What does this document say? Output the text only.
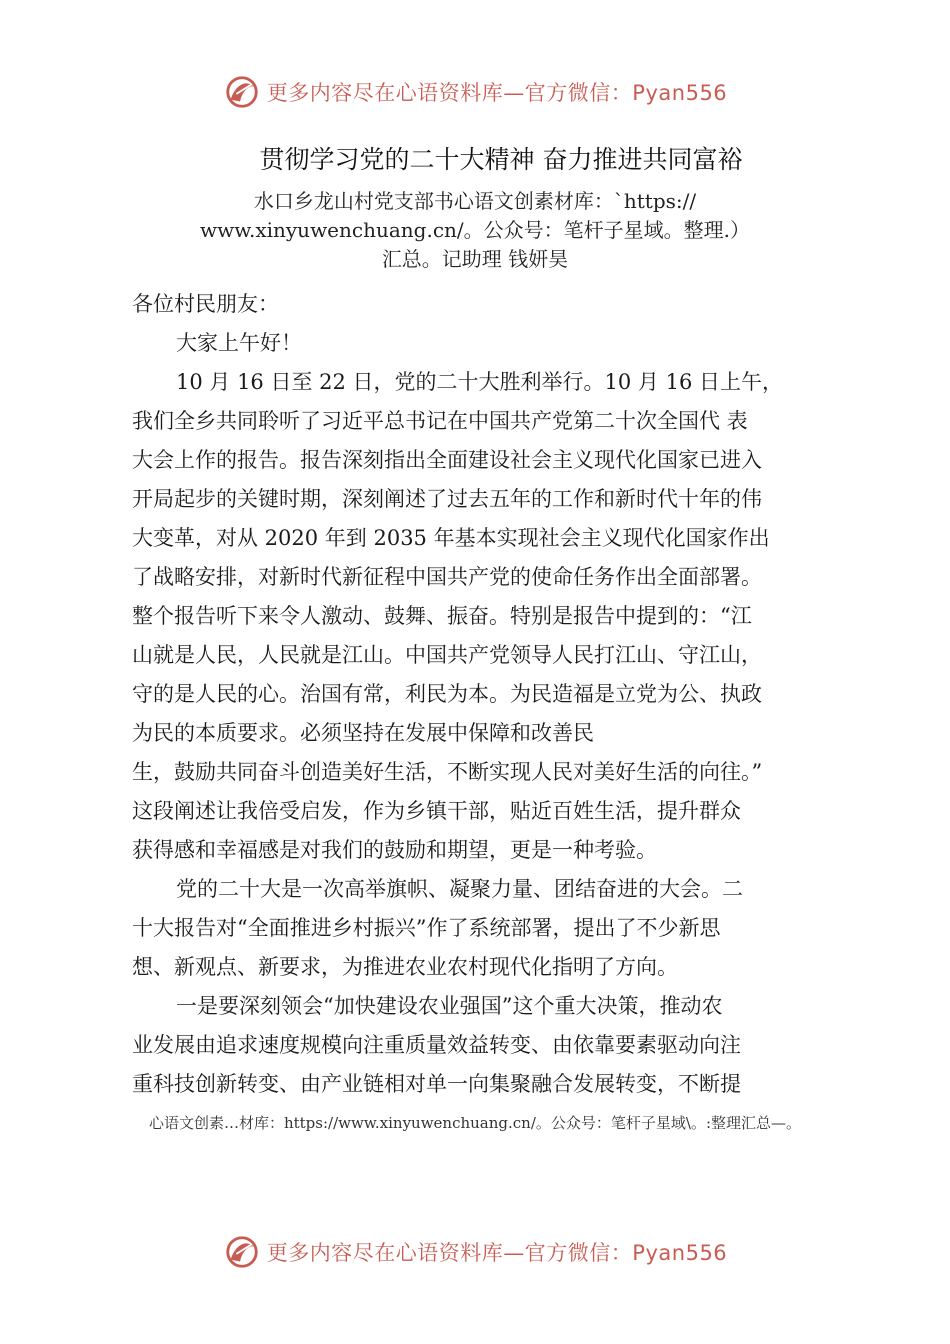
更多内容尽在心语资料库—官方微信：Pyan556
贯彻学习党的二十大精神 奋力推进共同富裕
水口乡龙山村党支部书心语文创素材库：`https://
www.xinyuwenchuang.cn/。公众号：笔杆子星域。整理.）
汇总。记助理 钱妍昊

各位村民朋友：

大家上午好！

10 月 16 日至 22 日，党的二十大胜利举行。10 月 16 日上午，

我们全乡共同聆听了习近平总书记在中国共产党第二十次全国代 表

大会上作的报告。报告深刻指出全面建设社会主义现代化国家已进入

开局起步的关键时期，深刻阐述了过去五年的工作和新时代十年的伟

大变革，对从 2020 年到 2035 年基本实现社会主义现代化国家作出

了战略安排，对新时代新征程中国共产党的使命任务作出全面部署。

整个报告听下来令人激动、鼓舞、振奋。特别是报告中提到的：“江

山就是人民，人民就是江山。中国共产党领导人民打江山、守江山，

守的是人民的心。治国有常，利民为本。为民造福是立党为公、执政

为民的本质要求。必须坚持在发展中保障和改善民

生，鼓励共同奋斗创造美好生活，不断实现人民对美好生活的向往。”

这段阐述让我倍受启发，作为乡镇干部，贴近百姓生活，提升群众

获得感和幸福感是对我们的鼓励和期望，更是一种考验。

党的二十大是一次高举旗帜、凝聚力量、团结奋进的大会。二

十大报告对“全面推进乡村振兴”作了系统部署，提出了不少新思

想、新观点、新要求，为推进农业农村现代化指明了方向。

一是要深刻领会“加快建设农业强国”这个重大决策，推动农

业发展由追求速度规模向注重质量效益转变、由依靠要素驱动向注

重科技创新转变、由产业链相对单一向集聚融合发展转变，不断提

心语文创素…材库：https://www.xinyuwenchuang.cn/。公众号：笔杆子星域\。:整理汇总—。
更多内容尽在心语资料库—官方微信：Pyan556
